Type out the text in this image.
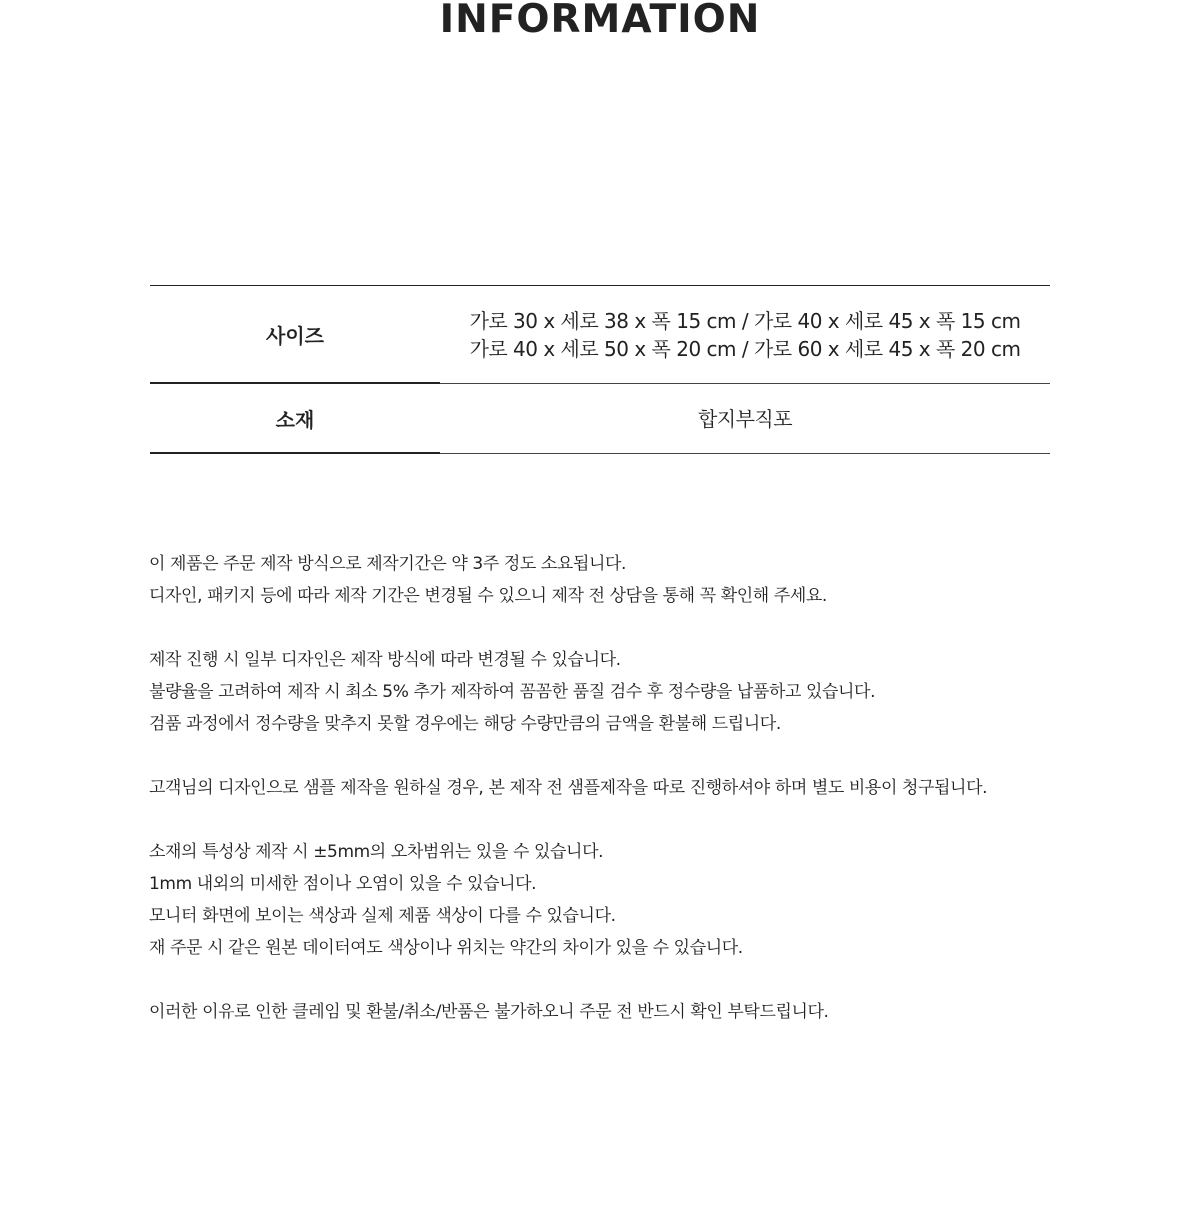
INFORMATION
사이즈
가로 30 x 세로 38 x 폭 15 cm / 가로 40 x 세로 45 x 폭 15 cm
가로 40 x 세로 50 x 폭 20 cm / 가로 60 x 세로 45 x 폭 20 cm
소재	합지부직포
이 제품은 주문 제작 방식으로 제작기간은 약 3주 정도 소요됩니다.
디자인, 패키지 등에 따라 제작 기간은 변경될 수 있으니 제작 전 상담을 통해 꼭 확인해 주세요.
제작 진행 시 일부 디자인은 제작 방식에 따라 변경될 수 있습니다.
불량율을 고려하여 제작 시 최소 5% 추가 제작하여 꼼꼼한 품질 검수 후 정수량을 납품하고 있습니다.
검품 과정에서 정수량을 맞추지 못할 경우에는 해당 수량만큼의 금액을 환불해 드립니다.
고객님의 디자인으로 샘플 제작을 원하실 경우, 본 제작 전 샘플제작을 따로 진행하셔야 하며 별도 비용이 청구됩니다.
소재의 특성상 제작 시 ±5mm의 오차범위는 있을 수 있습니다.
1mm 내외의 미세한 점이나 오염이 있을 수 있습니다.
모니터 화면에 보이는 색상과 실제 제품 색상이 다를 수 있습니다.
재 주문 시 같은 원본 데이터여도 색상이나 위치는 약간의 차이가 있을 수 있습니다.
이러한 이유로 인한 클레임 및 환불/취소/반품은 불가하오니 주문 전 반드시 확인 부탁드립니다.
